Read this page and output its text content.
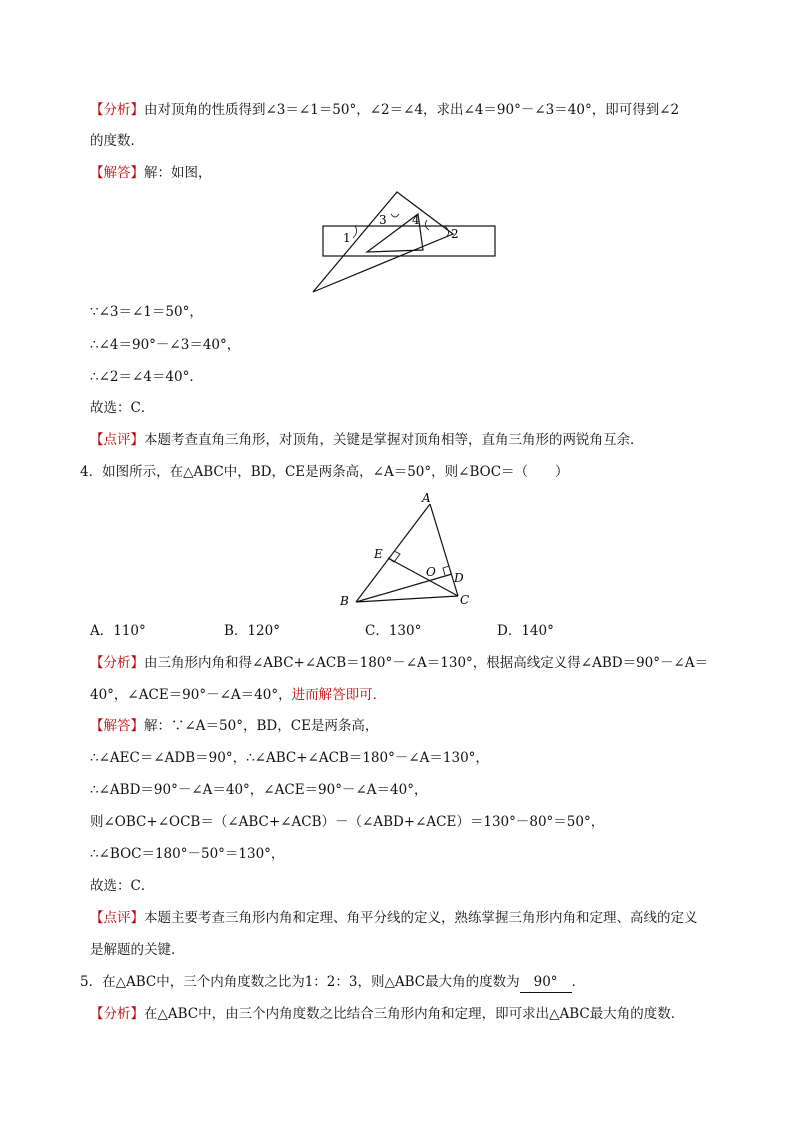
【分析】由对顶角的性质得到∠3＝∠1＝50°，∠2＝∠4，求出∠4＝90°－∠3＝40°，即可得到∠2
的度数．
【解答】解：如图，
1
3 4
2
∵∠3＝∠1＝50°，
∴∠4＝90°－∠3＝40°，
∴∠2＝∠4＝40°．
故选：C．
【点评】本题考查直角三角形，对顶角，关键是掌握对顶角相等，直角三角形的两锐角互余．
4．如图所示，在△ABC中，BD，CE是两条高，∠A＝50°，则∠BOC＝（　　）
A
E
O D
B	C
A．110°	B．120°	C．130°	D．140°
【分析】由三角形内角和得∠ABC+∠ACB＝180°－∠A＝130°，根据高线定义得∠ABD＝90°－∠A＝
40°，∠ACE＝90°－∠A＝40°，进而解答即可．
【解答】解：∵∠A＝50°，BD，CE是两条高，
∴∠AEC＝∠ADB＝90°，∴∠ABC+∠ACB＝180°－∠A＝130°，
∴∠ABD＝90°－∠A＝40°，∠ACE＝90°－∠A＝40°，
则∠OBC+∠OCB＝（∠ABC+∠ACB）－（∠ABD+∠ACE）＝130°－80°＝50°，
∴∠BOC＝180°－50°＝130°，
故选：C．
【点评】本题主要考查三角形内角和定理、角平分线的定义，熟练掌握三角形内角和定理、高线的定义
是解题的关键．
5．在△ABC中，三个内角度数之比为1：2：3，则△ABC最大角的度数为 90° ．
【分析】在△ABC中，由三个内角度数之比结合三角形内角和定理，即可求出△ABC最大角的度数．
